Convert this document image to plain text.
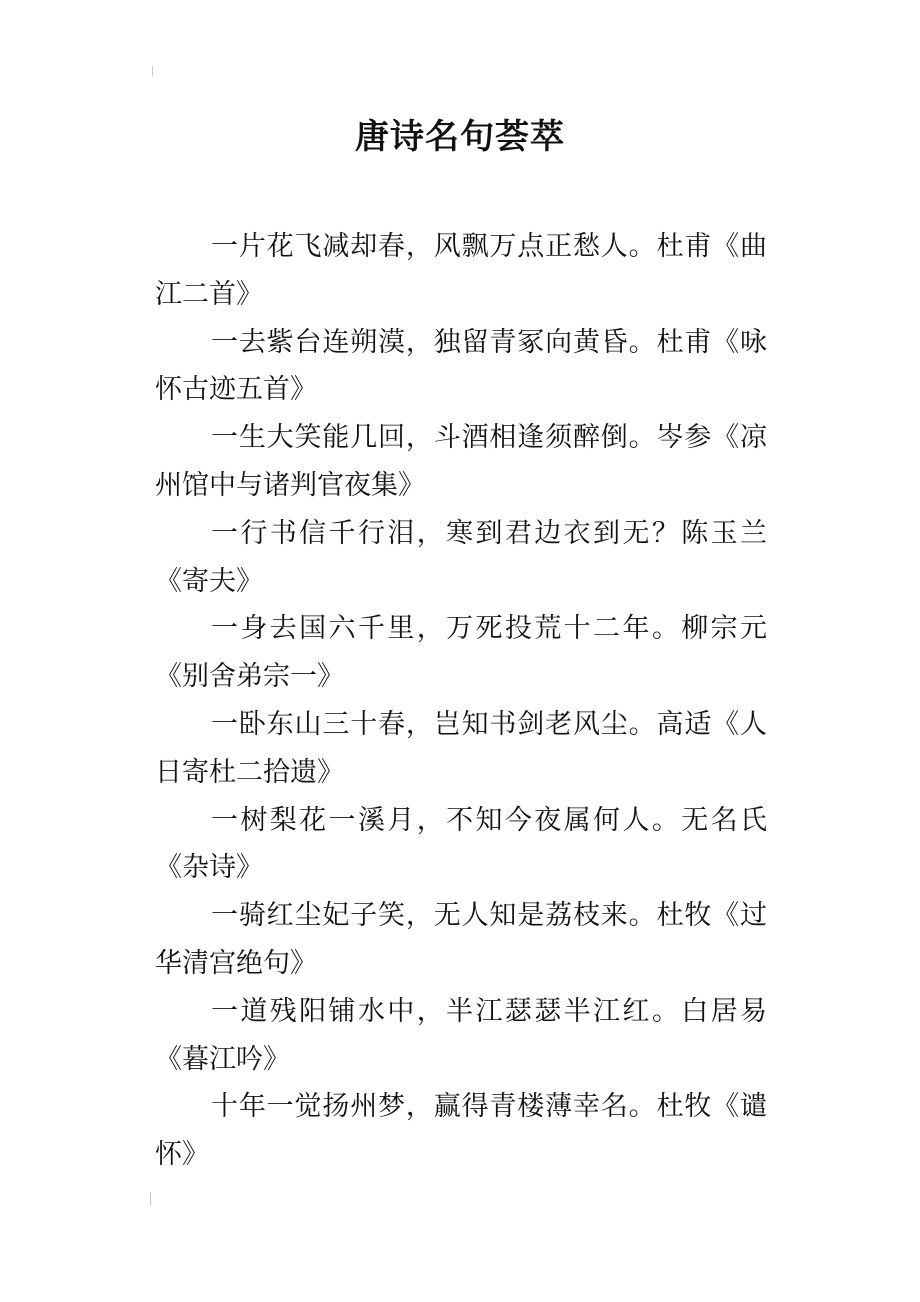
唐诗名句荟萃

一片花飞减却春，风飘万点正愁人。杜甫《曲江二首》

一去紫台连朔漠，独留青冢向黄昏。杜甫《咏怀古迹五首》

一生大笑能几回，斗酒相逢须醉倒。岑参《凉州馆中与诸判官夜集》

一行书信千行泪，寒到君边衣到无？陈玉兰《寄夫》

一身去国六千里，万死投荒十二年。柳宗元《别舍弟宗一》

一卧东山三十春，岂知书剑老风尘。高适《人日寄杜二拾遗》

一树梨花一溪月，不知今夜属何人。无名氏《杂诗》

一骑红尘妃子笑，无人知是荔枝来。杜牧《过华清宫绝句》

一道残阳铺水中，半江瑟瑟半江红。白居易《暮江吟》

十年一觉扬州梦，赢得青楼薄幸名。杜牧《谴怀》
